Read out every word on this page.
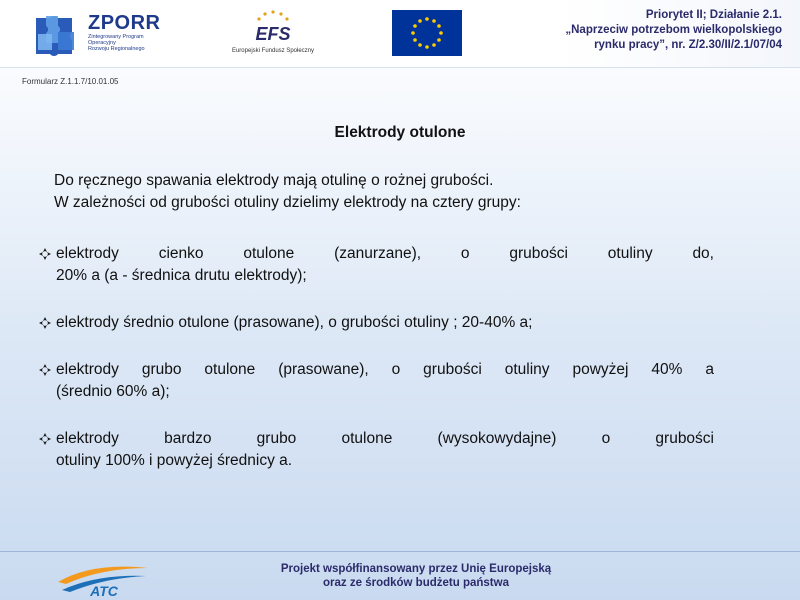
ZPORR
Zintegrowany Program
Operacyjny
Rozwoju Regionalnego
EFS
Europejski Fundusz Społeczny
Priorytet II; Działanie 2.1.
„Naprzeciw potrzebom wielkopolskiego
rynku pracy”, nr. Z/2.30/II/2.1/07/04
Formularz Z.1.1.7/10.01.05
Elektrody otulone
Do ręcznego spawania elektrody mają otulinę o rożnej grubości.
W zależności od grubości otuliny dzielimy elektrody na cztery grupy:
elektrody cienko otulone (zanurzane), o grubości otuliny do,
20% a (a - średnica drutu elektrody);
elektrody średnio otulone (prasowane), o grubości otuliny ; 20-40% a;
elektrody grubo otulone (prasowane), o grubości otuliny powyżej 40% a
(średnio 60% a);
elektrody bardzo grubo otulone (wysokowydajne) o grubości
otuliny 100% i powyżej średnicy a.
ATC
Projekt współfinansowany przez Unię Europejską
oraz ze środków budżetu państwa
